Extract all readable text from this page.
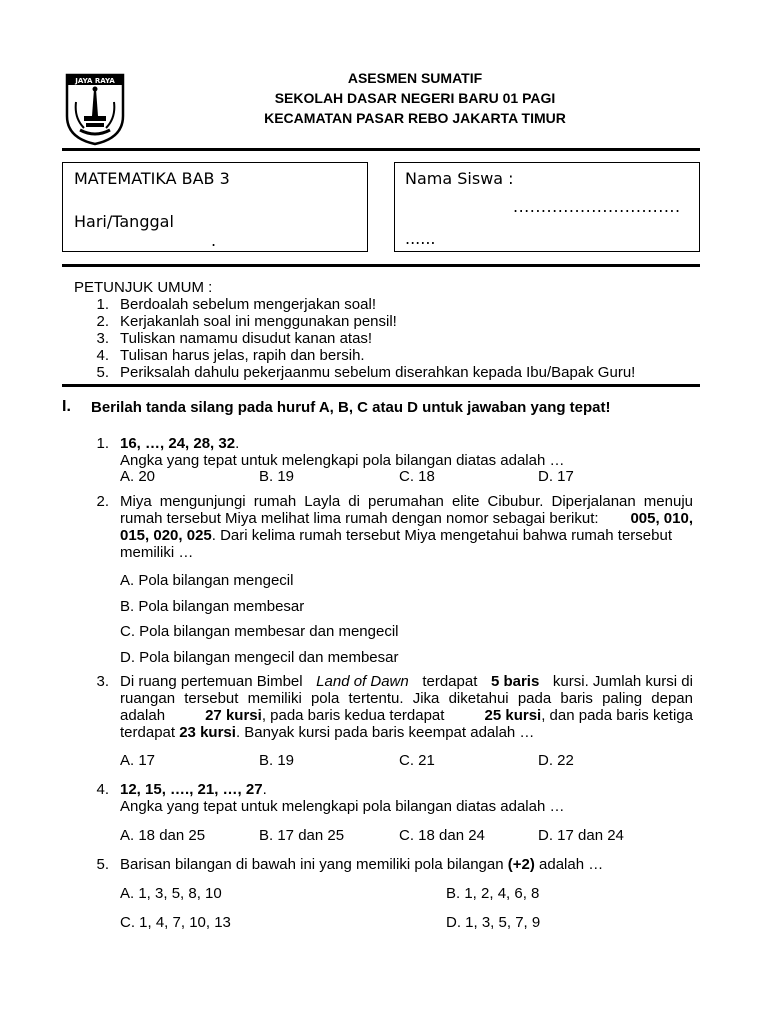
JAYA RAYA	ASESMEN SUMATIF
SEKOLAH DASAR NEGERI BARU 01 PAGI
KECAMATAN PASAR REBO JAKARTA TIMUR
MATEMATIKA BAB 3
Hari/Tanggal
.
Nama Siswa :
..............................
......
PETUNJUK UMUM :
1. Berdoalah sebelum mengerjakan soal!
2. Kerjakanlah soal ini menggunakan pensil!
3. Tuliskan namamu disudut kanan atas!
4. Tulisan harus jelas, rapih dan bersih.
5. Periksalah dahulu pekerjaanmu sebelum diserahkan kepada Ibu/Bapak Guru!
I. Berilah tanda silang pada huruf A, B, C atau D untuk jawaban yang tepat!
1. 16, …, 24, 28, 32.
Angka yang tepat untuk melengkapi pola bilangan diatas adalah …
A. 20	B. 19	C. 18	D. 17
2. Miya mengunjungi rumah Layla di perumahan elite Cibubur. Diperjalanan menuju
rumah tersebut Miya melihat lima rumah dengan nomor sebagai berikut: 005, 010,
015, 020, 025. Dari kelima rumah tersebut Miya mengetahui bahwa rumah tersebut
memiliki …
A. Pola bilangan mengecil
B. Pola bilangan membesar
C. Pola bilangan membesar dan mengecil
D. Pola bilangan mengecil dan membesar
3. Di ruang pertemuan Bimbel Land of Dawn terdapat 5 baris kursi. Jumlah kursi di
ruangan tersebut memiliki pola tertentu. Jika diketahui pada baris paling depan
adalah	27 kursi, pada baris kedua terdapat	25 kursi, dan pada baris ketiga
terdapat 23 kursi. Banyak kursi pada baris keempat adalah …
A. 17	B. 19	C. 21	D. 22
4. 12, 15, …., 21, …, 27.
Angka yang tepat untuk melengkapi pola bilangan diatas adalah …
A. 18 dan 25	B. 17 dan 25	C. 18 dan 24	D. 17 dan 24
5. Barisan bilangan di bawah ini yang memiliki pola bilangan (+2) adalah …
A. 1, 3, 5, 8, 10	B. 1, 2, 4, 6, 8
C. 1, 4, 7, 10, 13	D. 1, 3, 5, 7, 9
